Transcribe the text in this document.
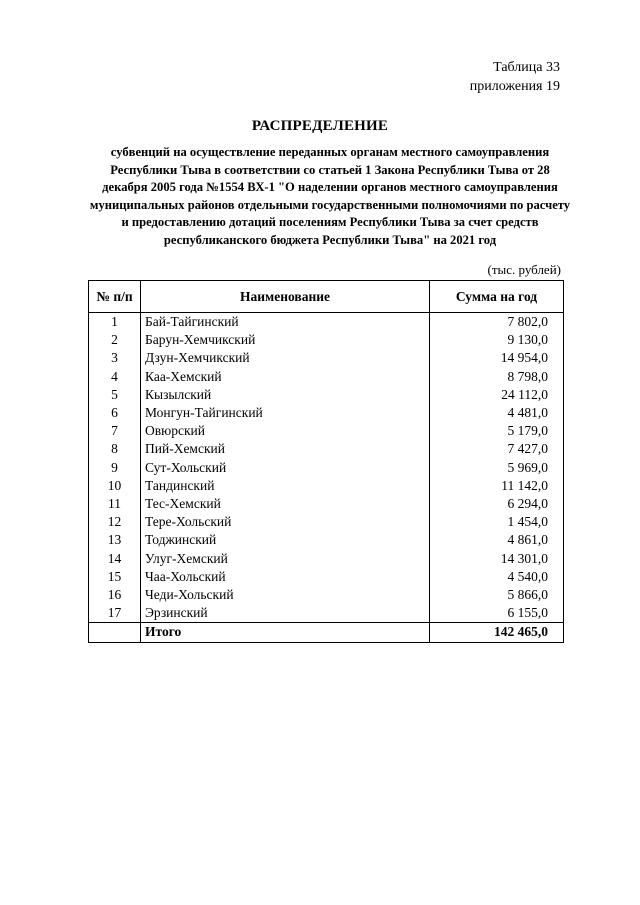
Таблица 33
приложения 19
РАСПРЕДЕЛЕНИЕ
субвенций на осуществление переданных органам местного самоуправления Республики Тыва в соответствии со статьей 1 Закона Республики Тыва от 28 декабря 2005 года №1554 ВХ-1 "О наделении органов местного самоуправления муниципальных районов отдельными государственными полномочиями по расчету и предоставлению дотаций поселениям Республики Тыва за счет средств республиканского бюджета Республики Тыва" на 2021 год
(тыс. рублей)
№ п/п	Наименование	Сумма на год
1	Бай-Тайгинский	7 802,0
2	Барун-Хемчикский	9 130,0
3	Дзун-Хемчикский	14 954,0
4	Каа-Хемский	8 798,0
5	Кызылский	24 112,0
6	Монгун-Тайгинский	4 481,0
7	Овюрский	5 179,0
8	Пий-Хемский	7 427,0
9	Сут-Хольский	5 969,0
10	Тандинский	11 142,0
11	Тес-Хемский	6 294,0
12	Тере-Хольский	1 454,0
13	Тоджинский	4 861,0
14	Улуг-Хемский	14 301,0
15	Чаа-Хольский	4 540,0
16	Чеди-Хольский	5 866,0
17	Эрзинский	6 155,0
	Итого	142 465,0
